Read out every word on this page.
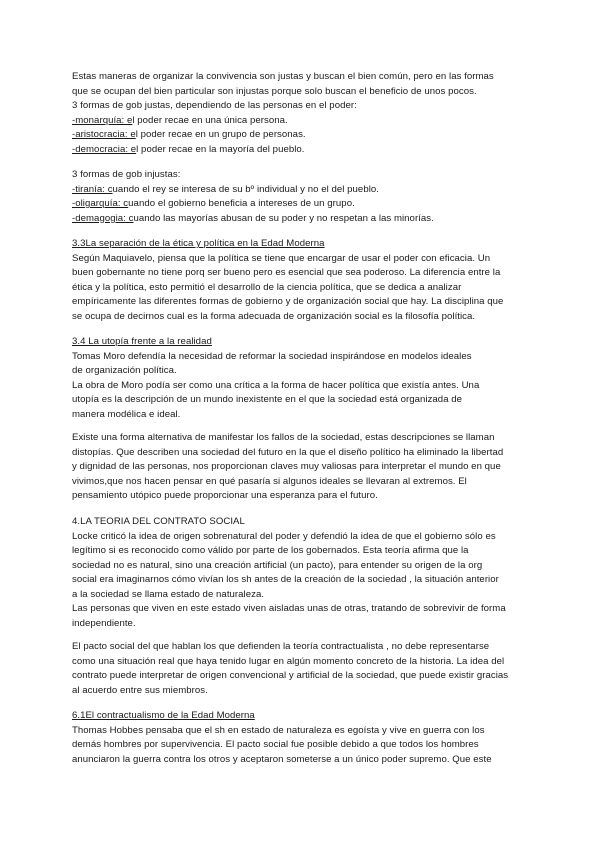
Estas maneras de organizar la convivencia son justas y buscan el bien común, pero en las formas
que se ocupan del bien particular son injustas porque solo buscan el beneficio de unos pocos.
3 formas de gob justas, dependiendo de las personas en el poder:
-monarquía: el poder recae en una única persona.
-aristocracia: el poder recae en un grupo de personas.
-democracia: el poder recae en la mayoría del pueblo.
3 formas de gob injustas:
-tiranía: cuando el rey se interesa de su bº individual y no el del pueblo.
-oligarquía: cuando el gobierno beneficia a intereses de un grupo.
-demagogia: cuando las mayorías abusan de su poder y no respetan a las minorías.
3.3La separación de la ética y política en la Edad Moderna
Según Maquiavelo, piensa que la política se tiene que encargar de usar el poder con eficacia. Un
buen gobernante no tiene porq ser bueno pero es esencial que sea poderoso. La diferencia entre la
ética y la política, esto permitió el desarrollo de la ciencia política, que se dedica a analizar
empíricamente las diferentes formas de gobierno y de organización social que hay. La disciplina que
se ocupa de decirnos cual es la forma adecuada de organización social es la filosofía política.
3.4 La utopía frente a la realidad
Tomas Moro defendía la necesidad de reformar la sociedad inspirándose en modelos ideales
de organización política.
La obra de Moro podía ser como una crítica a la forma de hacer política que existía antes. Una
utopía es la descripción de un mundo inexistente en el que la sociedad está organizada de
manera modélica e ideal.
Existe una forma alternativa de manifestar los fallos de la sociedad, estas descripciones se llaman
distopías. Que describen una sociedad del futuro en la que el diseño político ha eliminado la libertad
y dignidad de las personas, nos proporcionan claves muy valiosas para interpretar el mundo en que
vivimos,que nos hacen pensar en qué pasaría si algunos ideales se llevaran al extremos. El
pensamiento utópico puede proporcionar una esperanza para el futuro.
4.LA TEORIA DEL CONTRATO SOCIAL
Locke criticó la idea de origen sobrenatural del poder y defendió la idea de que el gobierno sólo es
legítimo si es reconocido como válido por parte de los gobernados. Esta teoría afirma que la
sociedad no es natural, sino una creación artificial (un pacto), para entender su origen de la org
social era imaginarnos cómo vivían los sh antes de la creación de la sociedad , la situación anterior
a la sociedad se llama estado de naturaleza.
Las personas que viven en este estado viven aisladas unas de otras, tratando de sobrevivir de forma
independiente.
El pacto social del que hablan los que defienden la teoría contractualista , no debe representarse
como una situación real que haya tenido lugar en algún momento concreto de la historia. La idea del
contrato puede interpretar de origen convencional y artificial de la sociedad, que puede existir gracias
al acuerdo entre sus miembros.
6.1El contractualismo de la Edad Moderna
Thomas Hobbes pensaba que el sh en estado de naturaleza es egoísta y vive en guerra con los
demás hombres por supervivencia. El pacto social fue posible debido a que todos los hombres
anunciaron la guerra contra los otros y aceptaron someterse a un único poder supremo. Que este
